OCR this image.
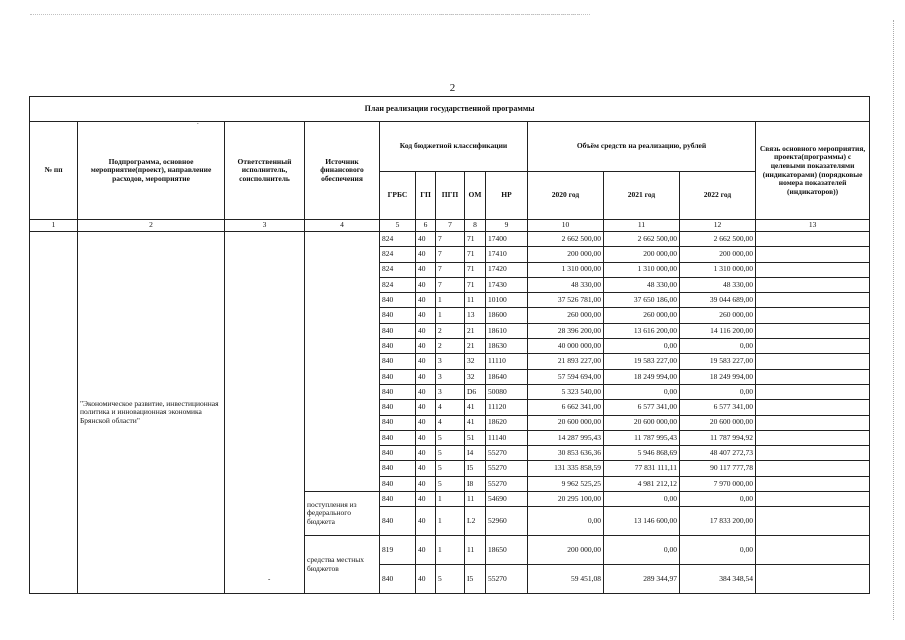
2
План реализации государственной программы												
№ пп	Подпрограмма, основное мероприятие(проект), направление расходов, мероприятие	Ответственный исполнитель, соисполнитель	Источник финансового обеспечения	Код бюджетной классификации					Объём средств на реализацию, рублей			Связь основного мероприятия, проекта(программы) с целевыми показателями (индикаторами) (порядковые номера показателей (индикаторов))
				ГРБС	ГП	ПГП	ОМ	НР	2020 год	2021 год	2022 год	
1	2	3	4	5	6	7	8	9	10	11	12	13
	"Экономическое развитие, инвестиционная политика и инновационная экономика Брянской области"			824	40	7	71	17400	2 662 500,00	2 662 500,00	2 662 500,00	
				824	40	7	71	17410	200 000,00	200 000,00	200 000,00	
				824	40	7	71	17420	1 310 000,00	1 310 000,00	1 310 000,00	
				824	40	7	71	17430	48 330,00	48 330,00	48 330,00	
				840	40	1	11	10100	37 526 781,00	37 650 186,00	39 044 689,00	
				840	40	1	13	18600	260 000,00	260 000,00	260 000,00	
				840	40	2	21	18610	28 396 200,00	13 616 200,00	14 116 200,00	
				840	40	2	21	18630	40 000 000,00	0,00	0,00	
				840	40	3	32	11110	21 893 227,00	19 583 227,00	19 583 227,00	
				840	40	3	32	18640	57 594 694,00	18 249 994,00	18 249 994,00	
				840	40	3	D6	50080	5 323 540,00	0,00	0,00	
				840	40	4	41	11120	6 662 341,00	6 577 341,00	6 577 341,00	
				840	40	4	41	18620	20 600 000,00	20 600 000,00	20 600 000,00	
				840	40	5	51	11140	14 287 995,43	11 787 995,43	11 787 994,92	
				840	40	5	I4	55270	30 853 636,36	5 946 868,69	48 407 272,73	
				840	40	5	I5	55270	131 335 858,59	77 831 111,11	90 117 777,78	
				840	40	5	I8	55270	9 962 525,25	4 981 212,12	7 970 000,00	
			поступления из федерального бюджета	840	40	1	11	54690	20 295 100,00	0,00	0,00	
				840	40	1	L2	52960	0,00	13 146 600,00	17 833 200,00	
			средства местных бюджетов	819	40	1	11	18650	200 000,00	0,00	0,00	
				840	40	5	I5	55270	59 451,08	289 344,97	384 348,54	
.
-
